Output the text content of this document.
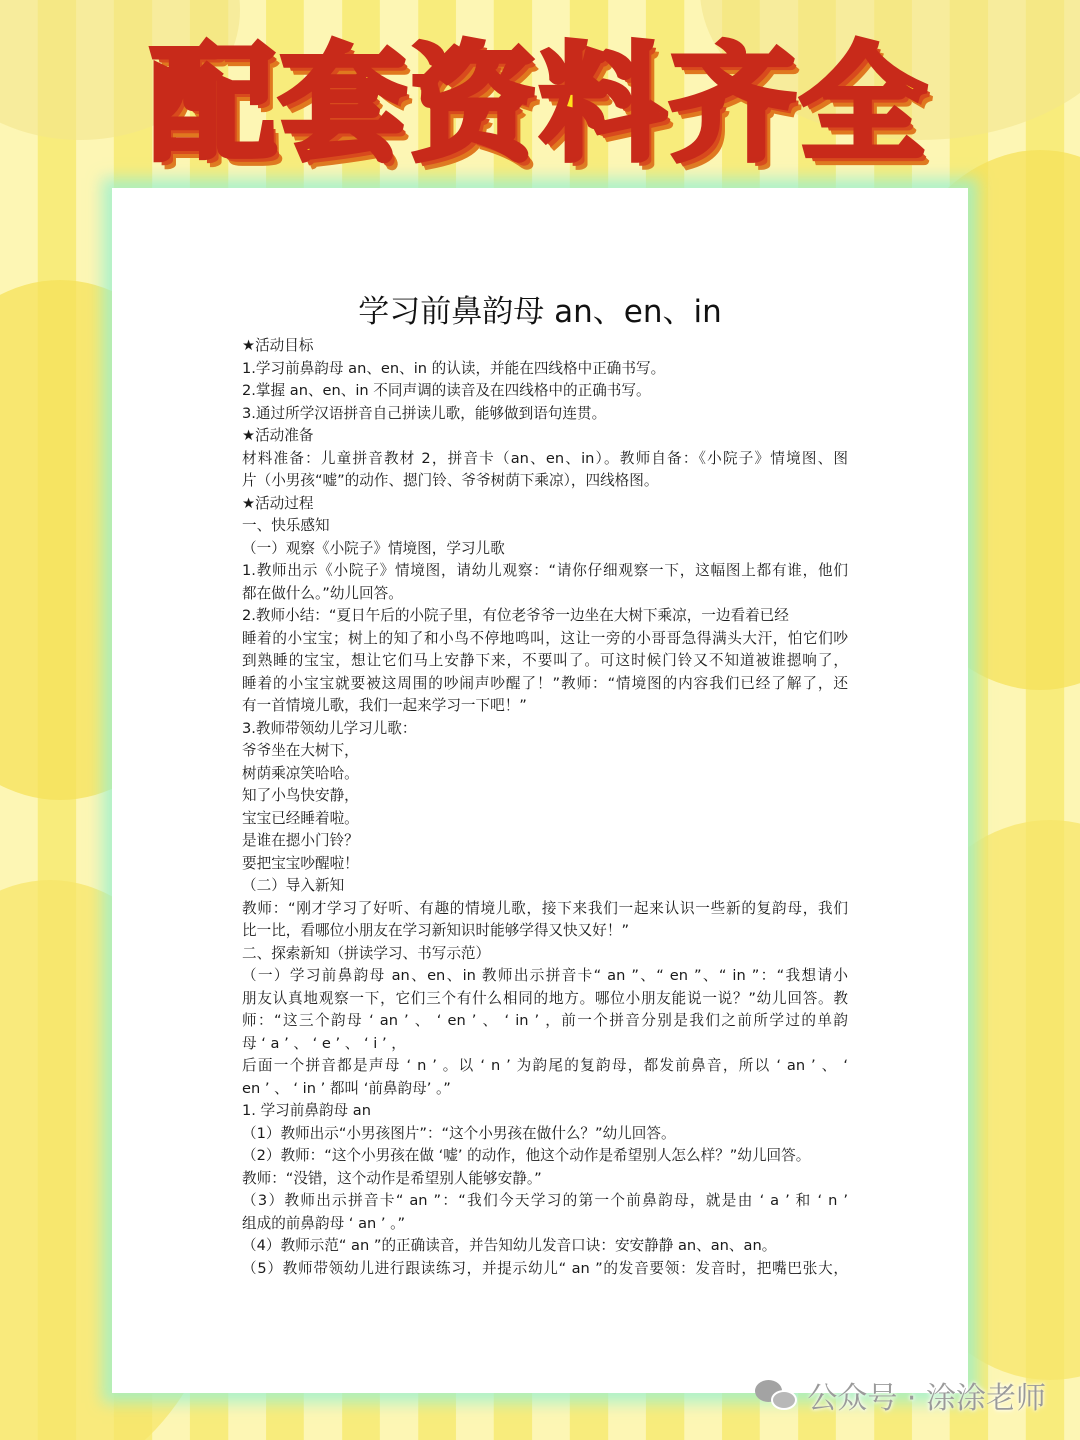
配套资料齐全
学习前鼻韵母 an、en、in
★活动目标
1.学习前鼻韵母 an、en、in 的认读，并能在四线格中正确书写。
2.掌握 an、en、in 不同声调的读音及在四线格中的正确书写。
3.通过所学汉语拼音自己拼读儿歌，能够做到语句连贯。
★活动准备
材料准备：儿童拼音教材 2，拼音卡（an、en、in）。教师自备：《小院子》情境图、图
片（小男孩“嘘”的动作、摁门铃、爷爷树荫下乘凉），四线格图。
★活动过程
一、快乐感知
（一）观察《小院子》情境图，学习儿歌
1.教师出示《小院子》情境图，请幼儿观察：“请你仔细观察一下，这幅图上都有谁，他们
都在做什么。”幼儿回答。
2.教师小结：“夏日午后的小院子里，有位老爷爷一边坐在大树下乘凉，一边看着已经
睡着的小宝宝；树上的知了和小鸟不停地鸣叫，这让一旁的小哥哥急得满头大汗，怕它们吵
到熟睡的宝宝，想让它们马上安静下来，不要叫了。可这时候门铃又不知道被谁摁响了，
睡着的小宝宝就要被这周围的吵闹声吵醒了！”教师：“情境图的内容我们已经了解了，还
有一首情境儿歌，我们一起来学习一下吧！”
3.教师带领幼儿学习儿歌：
爷爷坐在大树下，
树荫乘凉笑哈哈。
知了小鸟快安静，
宝宝已经睡着啦。
是谁在摁小门铃？
要把宝宝吵醒啦！
（二）导入新知
教师：“刚才学习了好听、有趣的情境儿歌，接下来我们一起来认识一些新的复韵母，我们
比一比，看哪位小朋友在学习新知识时能够学得又快又好！”
二、探索新知（拼读学习、书写示范）
（一）学习前鼻韵母 an、en、in 教师出示拼音卡“ an ”、“ en ”、“ in ”：“我想请小
朋友认真地观察一下，它们三个有什么相同的地方。哪位小朋友能说一说？”幼儿回答。教
师：“这三个韵母 ‘ an ’ 、 ‘ en ’ 、 ‘ in ’ ，前一个拼音分别是我们之前所学过的单韵
母 ‘ a ’ 、 ‘ e ’ 、 ‘ i ’ ，
后面一个拼音都是声母 ‘ n ’ 。以 ‘ n ’ 为韵尾的复韵母，都发前鼻音，所以 ‘ an ’ 、 ‘
en ’ 、 ‘ in ’ 都叫 ‘前鼻韵母’ 。”
1. 学习前鼻韵母 an
（1）教师出示“小男孩图片”：“这个小男孩在做什么？”幼儿回答。
（2）教师：“这个小男孩在做 ‘嘘’ 的动作，他这个动作是希望别人怎么样？”幼儿回答。
教师：“没错，这个动作是希望别人能够安静。”
（3）教师出示拼音卡“ an ”：“我们今天学习的第一个前鼻韵母，就是由 ‘ a ’ 和 ‘ n ’
组成的前鼻韵母 ‘ an ’ 。”
（4）教师示范“ an ”的正确读音，并告知幼儿发音口诀：安安静静 an、an、an。
（5）教师带领幼儿进行跟读练习，并提示幼儿“ an ”的发音要领：发音时，把嘴巴张大，
公众号 · 涂涂老师
